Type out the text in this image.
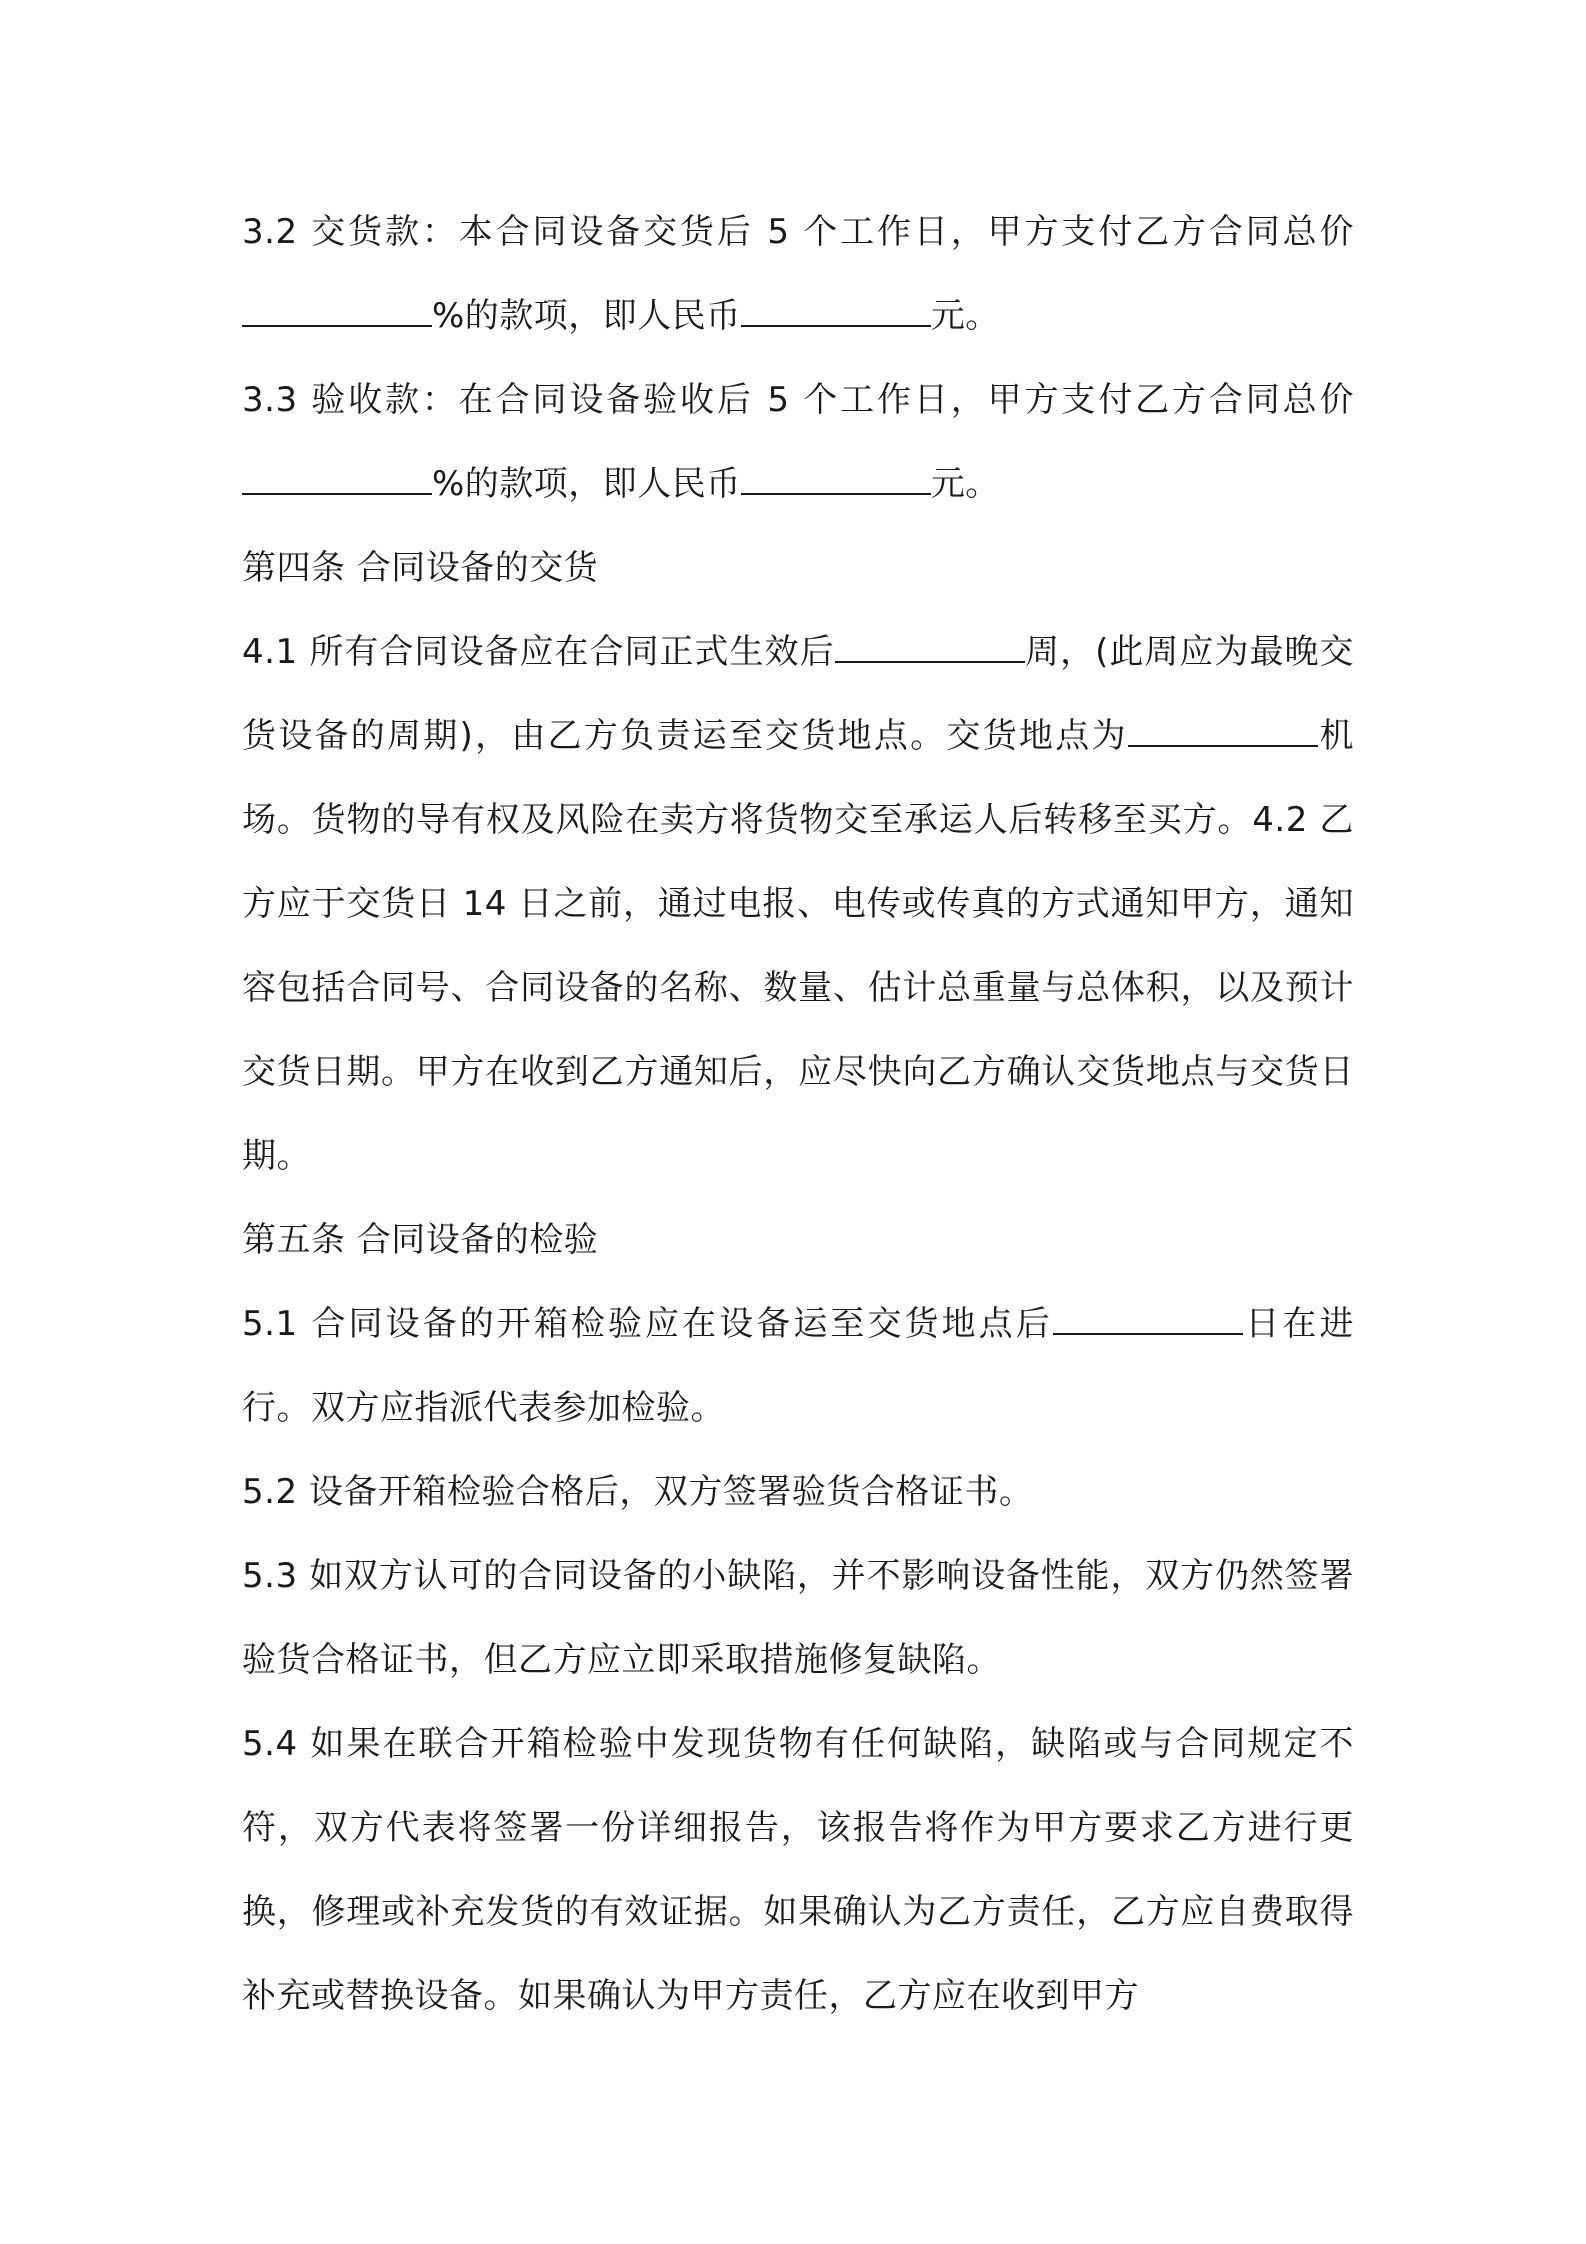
3.2 交货款：本合同设备交货后 5 个工作日，甲方支付乙方合同总价%的款项，即人民币	元。

3.3 验收款：在合同设备验收后 5 个工作日，甲方支付乙方合同总价%的款项，即人民币	元。

第四条 合同设备的交货

4.1 所有合同设备应在合同正式生效后	周，(此周应为最晚交货设备的周期)，由乙方负责运至交货地点。交货地点为	机场。货物的导有权及风险在卖方将货物交至承运人后转移至买方。4.2 乙方应于交货日 14 日之前，通过电报、电传或传真的方式通知甲方，通知容包括合同号、合同设备的名称、数量、估计总重量与总体积，以及预计交货日期。甲方在收到乙方通知后，应尽快向乙方确认交货地点与交货日期。

第五条 合同设备的检验

5.1 合同设备的开箱检验应在设备运至交货地点后	日在进行。双方应指派代表参加检验。

5.2 设备开箱检验合格后，双方签署验货合格证书。

5.3 如双方认可的合同设备的小缺陷，并不影响设备性能，双方仍然签署验货合格证书，但乙方应立即采取措施修复缺陷。

5.4 如果在联合开箱检验中发现货物有任何缺陷，缺陷或与合同规定不符，双方代表将签署一份详细报告，该报告将作为甲方要求乙方进行更换，修理或补充发货的有效证据。如果确认为乙方责任，乙方应自费取得补充或替换设备。如果确认为甲方责任，乙方应在收到甲方
